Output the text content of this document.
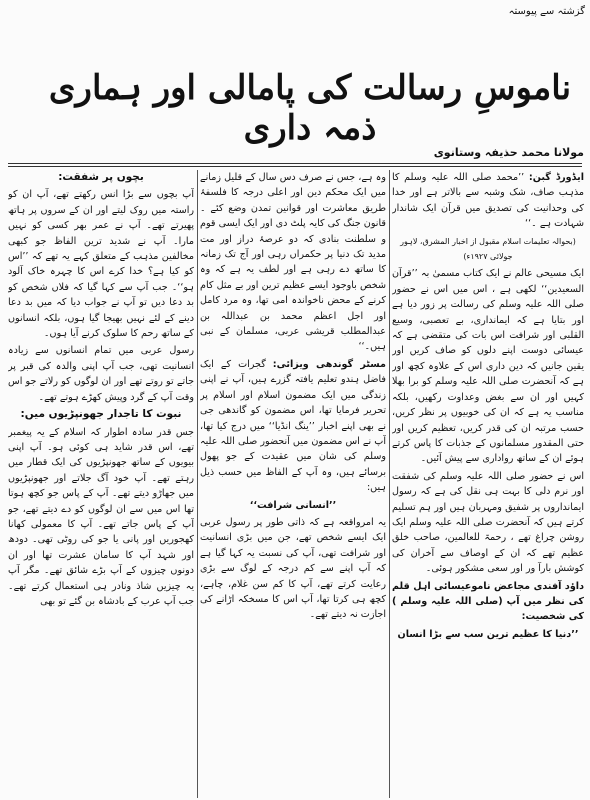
گزشتہ سے پیوستہ
ناموسِ رسالت کی پامالی اور ہماری ذمہ داری
مولانا محمد حذیفہ وستانوی

ایڈورڈ گبن: ’’محمد صلی اللہ علیہ وسلم کا مذہب صاف، شک وشبہ سے بالاتر ہے اور خدا کی وحدانیت کی تصدیق میں قرآن ایک شاندار شہادت ہے ۔‘‘

(بحوالہ تعلیمات اسلام مقبول از اخبار المشرق، لاہور جولائی ۱۹۲۷ء)

ایک مسیحی عالم نے ایک کتاب مسمیٰ بہ ’’قرآن السعیدین‘‘ لکھی ہے ، اس میں اس نے حضور صلی اللہ علیہ وسلم کی رسالت پر زور دیا ہے اور بتایا ہے کہ ایمانداری، بے تعصبی، وسیع القلبی اور شرافت اس بات کی متقضی ہے کہ عیسائی دوست اپنے دلوں کو صاف کریں اور یقین جانیں کہ دین داری اس کے علاوہ کچھ اور ہے کہ آنحضرت صلی اللہ علیہ وسلم کو برا بھلا کہیں اور ان سے بغض وعداوت رکھیں، بلکہ مناسب یہ ہے کہ ان کی خوبیوں پر نظر کریں، حسب مرتبہ ان کی قدر کریں، تعظیم کریں اور حتی المقدور مسلمانوں کے جذبات کا پاس کرتے ہوئے ان کے ساتھ رواداری سے پیش آئیں۔

اس نے حضور صلی اللہ علیہ وسلم کی شفقت اور نرم دلی کا بہت ہی نقل کی ہے کہ رسول ایمانداروں پر شفیق ومہربان ہیں اور ہم تسلیم کرتے ہیں کہ آنحضرت صلی اللہ علیہ وسلم ایک روشن چراغ تھے ، رحمۃ للعالمین، صاحب خلق عظیم تھے کہ ان کے اوصاف سے آخران کی کوشش بارآ ور اور سعی مشکور ہوئی۔

داؤد آفندی مجاعض ناموعیسائی اہل قلم کی نظر میں آپ (صلی اللہ علیہ وسلم ) کی شخصیت:

’’دنیا کا عظیم ترین سب سے بڑا انسان

وہ ہے، جس نے صرف دس سال کے قلیل زمانے میں ایک محکم دین اور اعلی درجہ کا فلسفۂ طریق معاشرت اور قوانین تمدن وضع کئے ۔ قانون جنگ کی کایہ پلٹ دی اور ایک ایسی قوم و سلطنت بنادی کہ دو عرصۂ دراز اور مت مدید تک دنیا پر حکمراں رہی اور آج تک زمانہ کا ساتھ دے رہی ہے اور لطف یہ ہے کہ وہ شخص باوجود ایسے عظیم ترین اور بے مثل کام کرنے کے محض ناخواندہ امی تھا، وہ مرد کامل اور اجل اعظم محمد بن عبداللہ بن عبدالمطلب قریشی عربی، مسلمان کے نبی ہیں۔‘‘

مسٹر گوندھی ویزائی: گجرات کے ایک فاضل ہندو تعلیم یافتہ گزرے ہیں، آپ نے اپنی زندگی میں ایک مضمون اسلام اور اسلام پر تحریر فرمایا تھا، اس مضمون کو گاندھی جی نے بھی اپنے اخبار ’’ینگ انڈیا‘‘ میں درج کیا تھا، آپ نے اس مضمون میں آنحضور صلی اللہ علیہ وسلم کی شان میں عقیدت کے جو پھول برسائے ہیں، وہ آپ کے الفاظ میں حسب ذیل ہیں:

’’انسانی شرافت‘‘

یہ امرواقعہ ہے کہ ذاتی طور پر رسول عربی ایک ایسے شخص تھے، جن میں بڑی انسانیت اور شرافت تھی، آپ کی نسبت یہ کہا گیا ہے کہ آپ اپنے سے کم درجہ کے لوگ سے بڑی رعایت کرتے تھے، آپ کا کم سن غلام، چاہے، کچھ ہی کرتا تھا، آپ اس کا مسخکہ اڑانے کی اجازت نہ دیتے تھے۔

بچوں پر شفقت:

آپ بچوں سے بڑا انس رکھتے تھے، آپ ان کو راستہ میں روک لیتے اور ان کے سروں پر ہاتھ پھیرتے تھے۔ آپ نے عمر بھر کسی کو نہیں مارا۔ آپ نے شدید ترین الفاظ جو کبھی مخالفین مذہب کے متعلق کہے یہ تھے کہ ’’اس کو کیا ہے؟ خدا کرے اس کا چہرہ خاک آلود ہو‘‘۔ جب آپ سے کہا گیا کہ فلاں شخص کو بد دعا دیں تو آپ نے جواب دیا کہ میں بد دعا دینے کے لئے نہیں بھیجا گیا ہوں، بلکہ انسانوں کے ساتھ رحم کا سلوک کرنے آیا ہوں۔

رسول عربی میں تمام انسانوں سے زیادہ انسانیت تھی، جب آپ اپنی والدہ کی قبر پر جاتے تو روتے تھے اور ان لوگوں کو رلاتے جو اس وقت آپ کے گرد وپیش کھڑے ہوتے تھے۔

نبوت کا تاجدار جھونپڑیوں میں:

جس قدر سادہ اطوار کہ اسلام کے یہ پیغمبر تھے، اس قدر شاید ہی کوئی ہو۔ آپ اپنی بیویوں کے ساتھ جھونپڑیوں کی ایک قطار میں رہتے تھے۔ آپ خود آگ جلاتے اور جھونپڑیوں میں جھاڑو دیتے تھے۔ آپ کے پاس جو کچھ ہوتا تھا اس میں سے ان لوگوں کو دے دیتے تھے، جو آپ کے پاس جاتے تھے۔ آپ کا معمولی کھانا کھجوریں اور پانی یا جو کی روٹی تھی۔ دودھ اور شہد آپ کا سامان عشرت تھا اور ان دونوں چیزوں کے آپ بڑے شائق تھے۔ مگر آپ یہ چیزیں شاذ ونادر ہی استعمال کرتے تھے۔ جب آپ عرب کے بادشاہ بن گئے تو بھی
